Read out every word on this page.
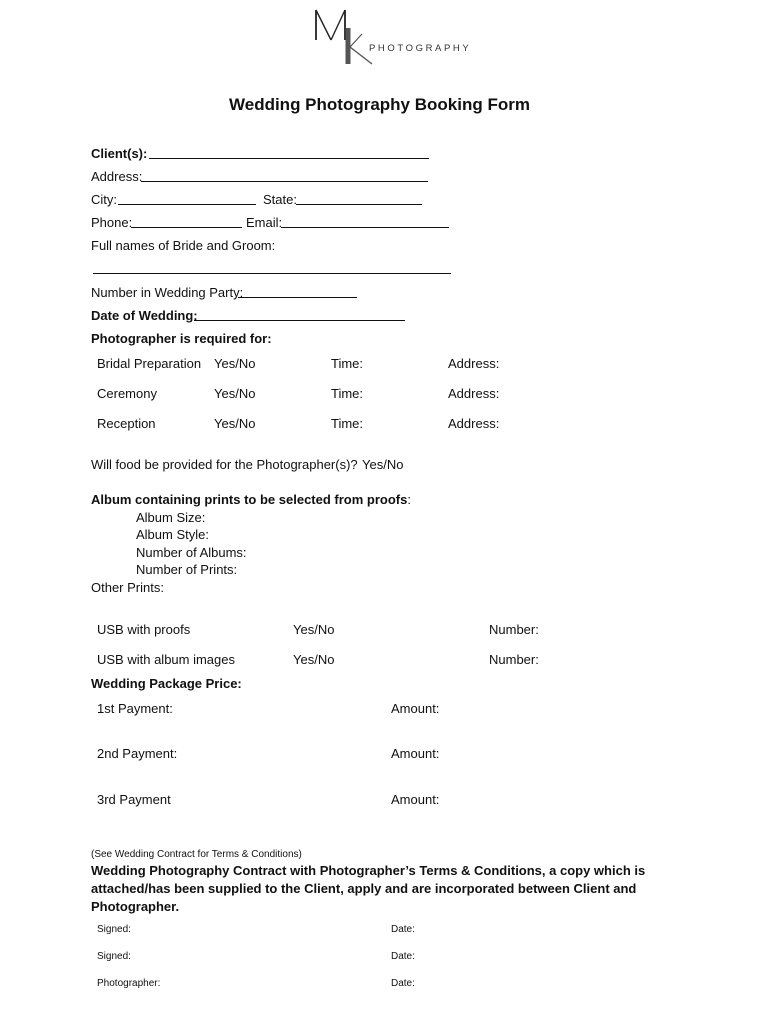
PHOTOGRAPHY
Wedding Photography Booking Form
Client(s):
Address:
City:	State:
Phone:	Email:
Full names of Bride and Groom:
Number in Wedding Party:
Date of Wedding:
Photographer is required for:
Bridal Preparation Yes/No	Time:	Address:
Ceremony	Yes/No	Time:	Address:
Reception	Yes/No	Time:	Address:
Will food be provided for the Photographer(s)? Yes/No
Album containing prints to be selected from proofs:
Album Size:
Album Style:
Number of Albums:
Number of Prints:
Other Prints:
USB with proofs	Yes/No	Number:
USB with album images	Yes/No	Number:
Wedding Package Price:
1st Payment:	Amount:
2nd Payment:	Amount:
3rd Payment	Amount:
(See Wedding Contract for Terms & Conditions)
Wedding Photography Contract with Photographer’s Terms & Conditions, a copy which is attached/has been supplied to the Client, apply and are incorporated between Client and Photographer.
Signed:	Date:
Signed:	Date:
Photographer:	Date:
